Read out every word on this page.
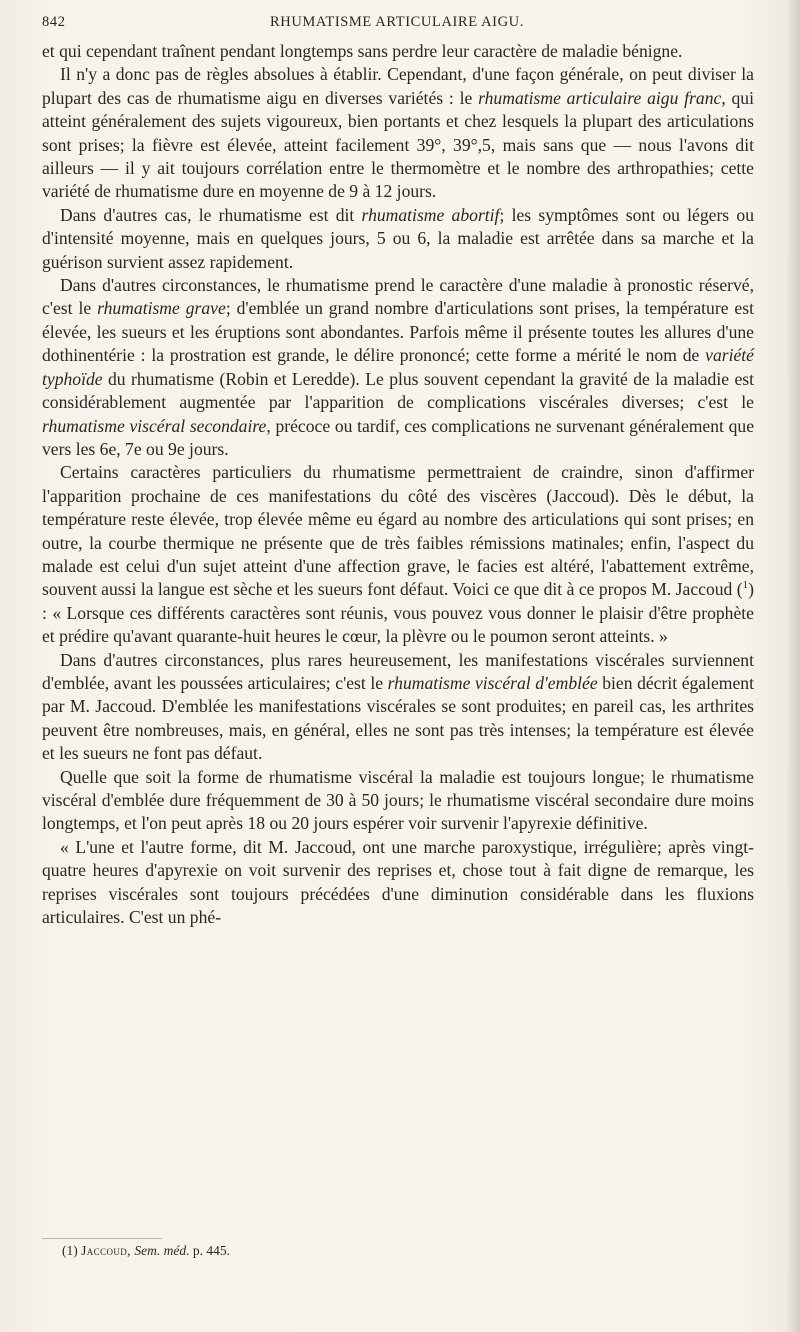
842	RHUMATISME ARTICULAIRE AIGU.

et qui cependant traînent pendant longtemps sans perdre leur caractère de maladie bénigne.

Il n'y a donc pas de règles absolues à établir. Cependant, d'une façon générale, on peut diviser la plupart des cas de rhumatisme aigu en diverses variétés : le rhumatisme articulaire aigu franc, qui atteint généralement des sujets vigoureux, bien portants et chez lesquels la plupart des articulations sont prises; la fièvre est élevée, atteint facilement 39°, 39°,5, mais sans que — nous l'avons dit ailleurs — il y ait toujours corrélation entre le thermomètre et le nombre des arthropathies; cette variété de rhumatisme dure en moyenne de 9 à 12 jours.

Dans d'autres cas, le rhumatisme est dit rhumatisme abortif; les symptômes sont ou légers ou d'intensité moyenne, mais en quelques jours, 5 ou 6, la maladie est arrêtée dans sa marche et la guérison survient assez rapidement.

Dans d'autres circonstances, le rhumatisme prend le caractère d'une maladie à pronostic réservé, c'est le rhumatisme grave; d'emblée un grand nombre d'articulations sont prises, la température est élevée, les sueurs et les éruptions sont abondantes. Parfois même il présente toutes les allures d'une dothinentérie : la prostration est grande, le délire prononcé; cette forme a mérité le nom de variété typhoïde du rhumatisme (Robin et Leredde). Le plus souvent cependant la gravité de la maladie est considérablement augmentée par l'apparition de complications viscérales diverses; c'est le rhumatisme viscéral secondaire, précoce ou tardif, ces complications ne survenant généralement que vers les 6e, 7e ou 9e jours.

Certains caractères particuliers du rhumatisme permettraient de craindre, sinon d'affirmer l'apparition prochaine de ces manifestations du côté des viscères (Jaccoud). Dès le début, la température reste élevée, trop élevée même eu égard au nombre des articulations qui sont prises; en outre, la courbe thermique ne présente que de très faibles rémissions matinales; enfin, l'aspect du malade est celui d'un sujet atteint d'une affection grave, le facies est altéré, l'abattement extrême, souvent aussi la langue est sèche et les sueurs font défaut. Voici ce que dit à ce propos M. Jaccoud ($^1$) : « Lorsque ces différents caractères sont réunis, vous pouvez vous donner le plaisir d'être prophète et prédire qu'avant quarante-huit heures le cœur, la plèvre ou le poumon seront atteints. »

Dans d'autres circonstances, plus rares heureusement, les manifestations viscérales surviennent d'emblée, avant les poussées articulaires; c'est le rhumatisme viscéral d'emblée bien décrit également par M. Jaccoud. D'emblée les manifestations viscérales se sont produites; en pareil cas, les arthrites peuvent être nombreuses, mais, en général, elles ne sont pas très intenses; la température est élevée et les sueurs ne font pas défaut.

Quelle que soit la forme de rhumatisme viscéral la maladie est toujours longue; le rhumatisme viscéral d'emblée dure fréquemment de 30 à 50 jours; le rhumatisme viscéral secondaire dure moins longtemps, et l'on peut après 18 ou 20 jours espérer voir survenir l'apyrexie définitive.

« L'une et l'autre forme, dit M. Jaccoud, ont une marche paroxystique, irrégulière; après vingt-quatre heures d'apyrexie on voit survenir des reprises et, chose tout à fait digne de remarque, les reprises viscérales sont toujours précédées d'une diminution considérable dans les fluxions articulaires. C'est un phé-

(1) Jaccoud, Sem. méd. p. 445.
